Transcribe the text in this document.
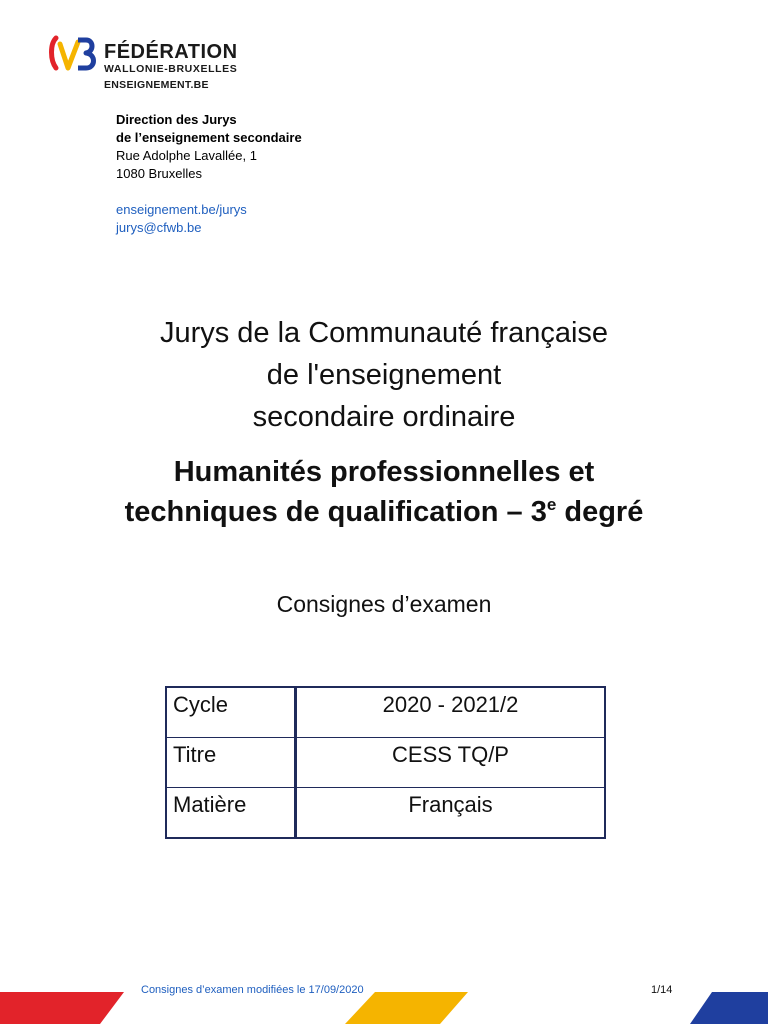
FÉDÉRATION
WALLONIE-BRUXELLES
ENSEIGNEMENT.BE
Direction des Jurys
de l’enseignement secondaire
Rue Adolphe Lavallée, 1
1080 Bruxelles
enseignement.be/jurys
jurys@cfwb.be
Jurys de la Communauté française
de l'enseignement
secondaire ordinaire
Humanités professionnelles et
techniques de qualification – 3e degré
Consignes d’examen
Cycle	2020 - 2021/2
Titre	CESS TQ/P
Matière	Français
Consignes d’examen modifiées le 17/09/2020	1/14
